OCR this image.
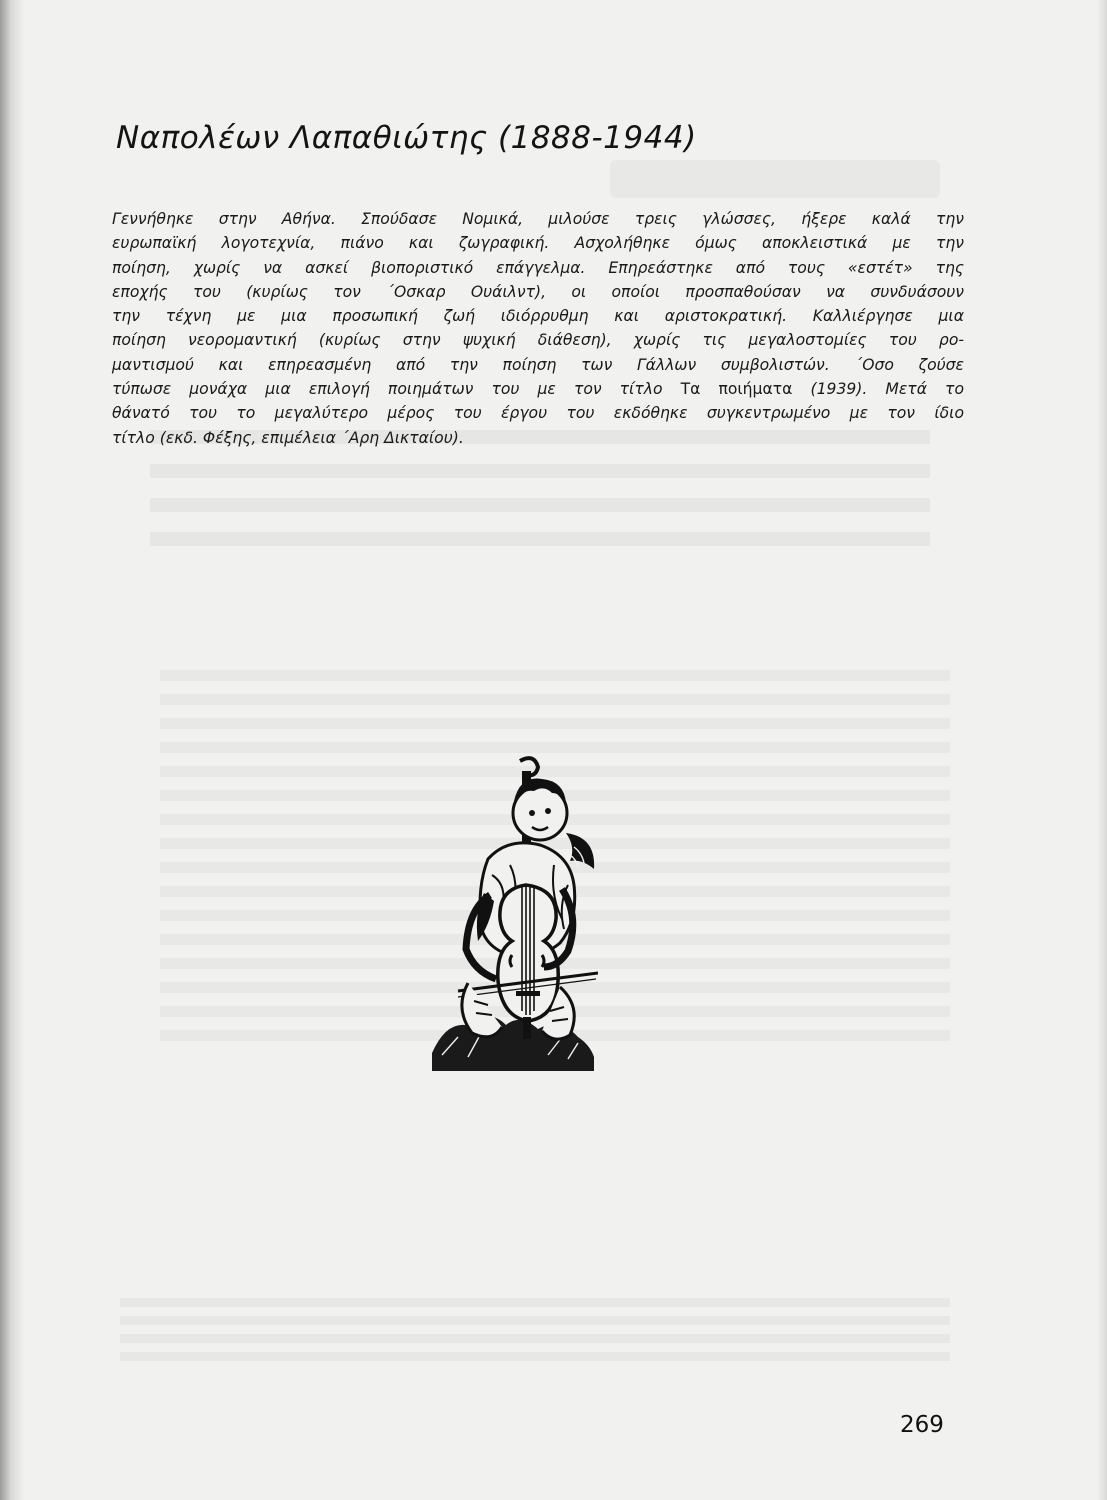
Ναπολέων Λαπαθιώτης (1888-1944)
Γεννήθηκε στην Αθήνα. Σπούδασε Νομικά, μιλούσε τρεις γλώσσες, ήξερε καλά την
ευρωπαϊκή λογοτεχνία, πιάνο και ζωγραφική. Ασχολήθηκε όμως αποκλειστικά με την
ποίηση, χωρίς να ασκεί βιοποριστικό επάγγελμα. Επηρεάστηκε από τους «εστέτ» της
εποχής του (κυρίως τον ΄Οσκαρ Ουάιλντ), οι οποίοι προσπαθούσαν να συνδυάσουν
την τέχνη με μια προσωπική ζωή ιδιόρρυθμη και αριστοκρατική. Καλλιέργησε μια
ποίηση νεορομαντική (κυρίως στην ψυχική διάθεση), χωρίς τις μεγαλοστομίες του ρο-
μαντισμού και επηρεασμένη από την ποίηση των Γάλλων συμβολιστών. ΄Οσο ζούσε
τύπωσε μονάχα μια επιλογή ποιημάτων του με τον τίτλο Τα ποιήματα (1939). Μετά το
θάνατό του το μεγαλύτερο μέρος του έργου του εκδόθηκε συγκεντρωμένο με τον ίδιο
τίτλο (εκδ. Φέξης, επιμέλεια ΄Αρη Δικταίου).
269
